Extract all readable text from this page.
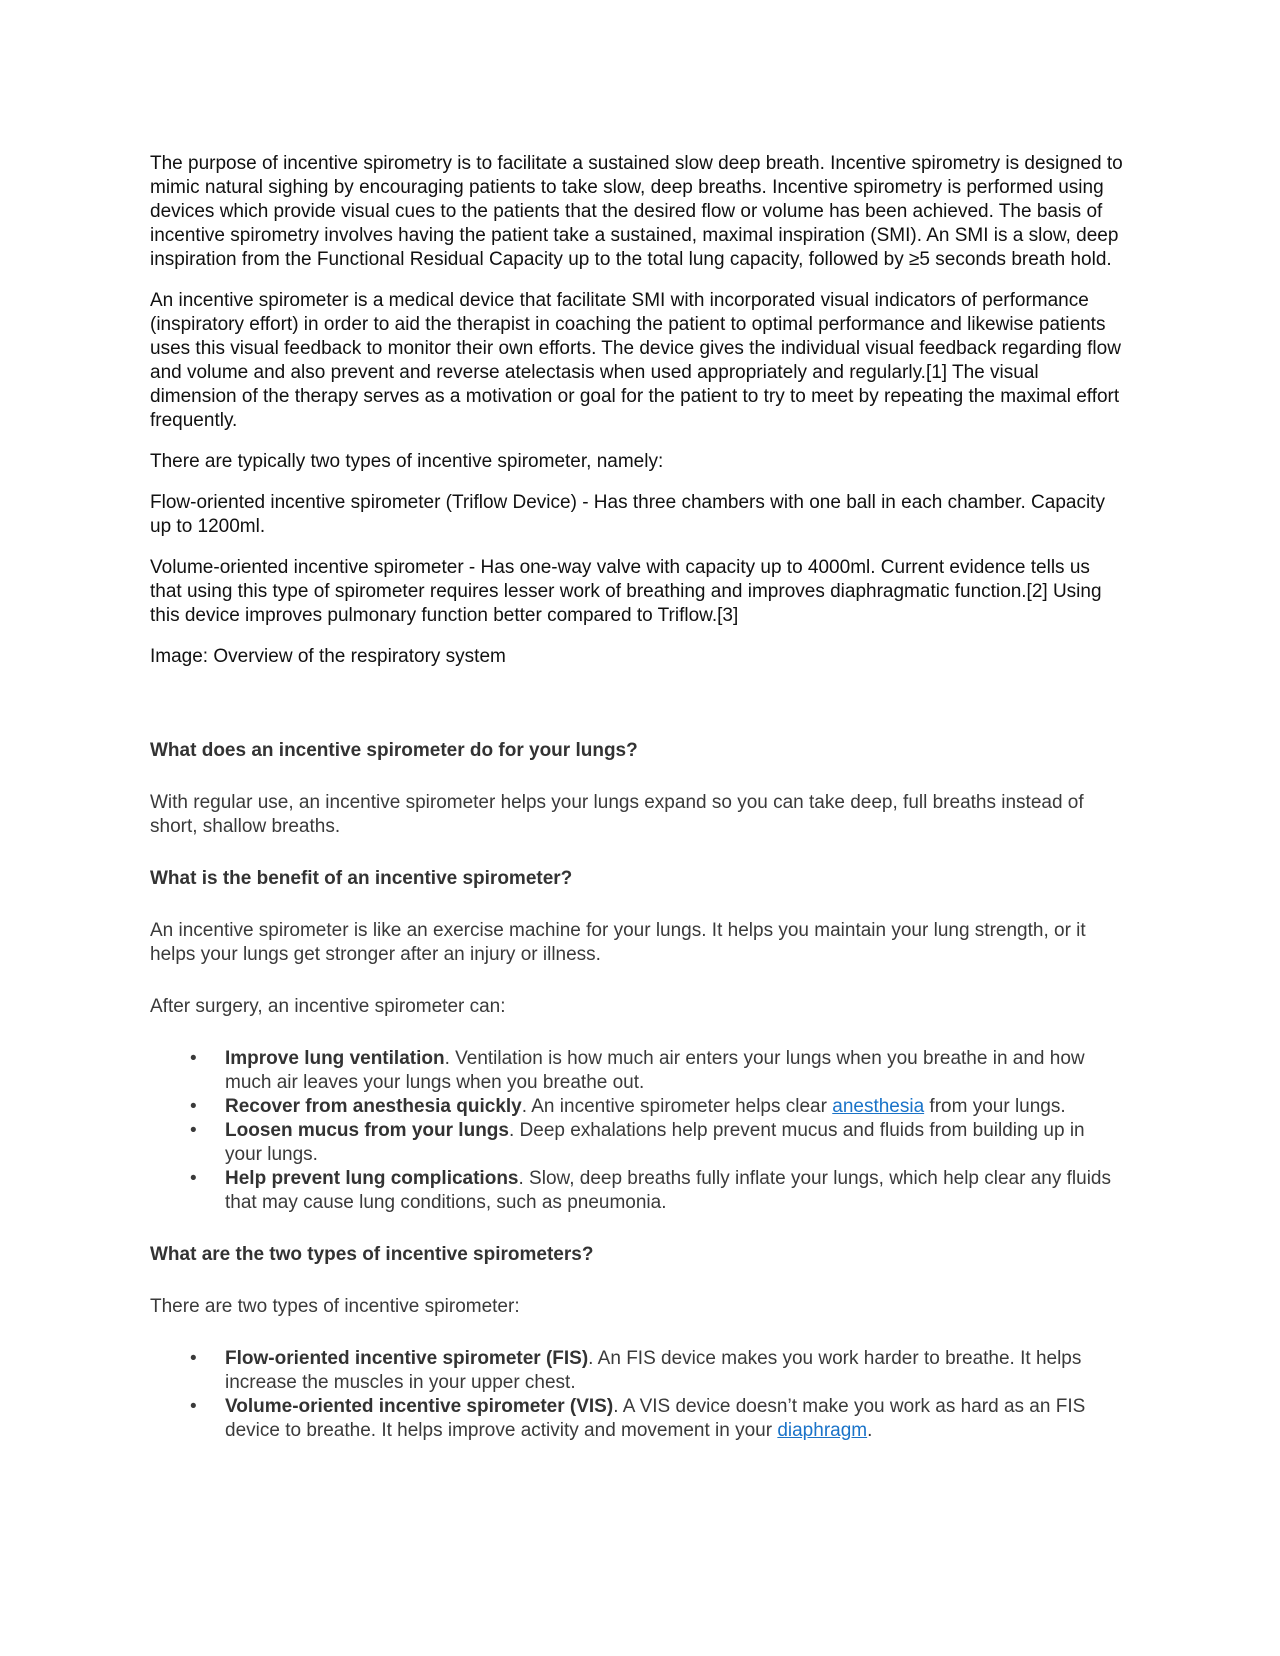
The purpose of incentive spirometry is to facilitate a sustained slow deep breath. Incentive spirometry is designed to mimic natural sighing by encouraging patients to take slow, deep breaths. Incentive spirometry is performed using devices which provide visual cues to the patients that the desired flow or volume has been achieved. The basis of incentive spirometry involves having the patient take a sustained, maximal inspiration (SMI). An SMI is a slow, deep inspiration from the Functional Residual Capacity up to the total lung capacity, followed by ≥5 seconds breath hold.

An incentive spirometer is a medical device that facilitate SMI with incorporated visual indicators of performance (inspiratory effort) in order to aid the therapist in coaching the patient to optimal performance and likewise patients uses this visual feedback to monitor their own efforts. The device gives the individual visual feedback regarding flow and volume and also prevent and reverse atelectasis when used appropriately and regularly.[1] The visual dimension of the therapy serves as a motivation or goal for the patient to try to meet by repeating the maximal effort frequently.

There are typically two types of incentive spirometer, namely:

Flow-oriented incentive spirometer (Triflow Device) - Has three chambers with one ball in each chamber. Capacity up to 1200ml.

Volume-oriented incentive spirometer - Has one-way valve with capacity up to 4000ml. Current evidence tells us that using this type of spirometer requires lesser work of breathing and improves diaphragmatic function.[2] Using this device improves pulmonary function better compared to Triflow.[3]

Image: Overview of the respiratory system

What does an incentive spirometer do for your lungs?

With regular use, an incentive spirometer helps your lungs expand so you can take deep, full breaths instead of short, shallow breaths.

What is the benefit of an incentive spirometer?

An incentive spirometer is like an exercise machine for your lungs. It helps you maintain your lung strength, or it helps your lungs get stronger after an injury or illness.

After surgery, an incentive spirometer can:

• Improve lung ventilation. Ventilation is how much air enters your lungs when you breathe in and how much air leaves your lungs when you breathe out.
• Recover from anesthesia quickly. An incentive spirometer helps clear anesthesia from your lungs.
• Loosen mucus from your lungs. Deep exhalations help prevent mucus and fluids from building up in your lungs.
• Help prevent lung complications. Slow, deep breaths fully inflate your lungs, which help clear any fluids that may cause lung conditions, such as pneumonia.
What are the two types of incentive spirometers?

There are two types of incentive spirometer:

• Flow-oriented incentive spirometer (FIS). An FIS device makes you work harder to breathe. It helps increase the muscles in your upper chest.
• Volume-oriented incentive spirometer (VIS). A VIS device doesn’t make you work as hard as an FIS device to breathe. It helps improve activity and movement in your diaphragm.
